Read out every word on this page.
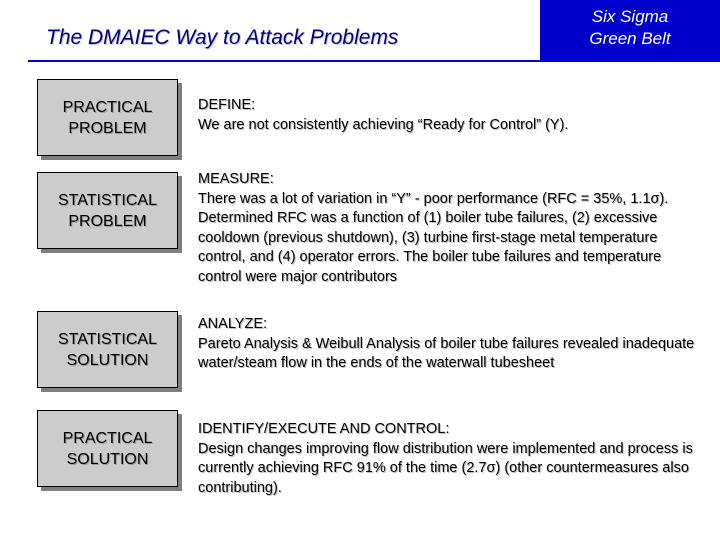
The DMAIEC Way to Attack Problems
Six Sigma
Green Belt
PRACTICAL
PROBLEM
DEFINE:
We are not consistently achieving “Ready for Control” (Y).
STATISTICAL
PROBLEM
MEASURE:
There was a lot of variation in “Y” - poor performance (RFC = 35%, 1.1σ). Determined RFC was a function of (1) boiler tube failures, (2) excessive cooldown (previous shutdown), (3) turbine first-stage metal temperature control, and (4) operator errors. The boiler tube failures and temperature control were major contributors
STATISTICAL
SOLUTION
ANALYZE:
Pareto Analysis & Weibull Analysis of boiler tube failures revealed inadequate water/steam flow in the ends of the waterwall tubesheet
PRACTICAL
SOLUTION
IDENTIFY/EXECUTE AND CONTROL:
Design changes improving flow distribution were implemented and process is currently achieving RFC 91% of the time (2.7σ) (other countermeasures also contributing).
